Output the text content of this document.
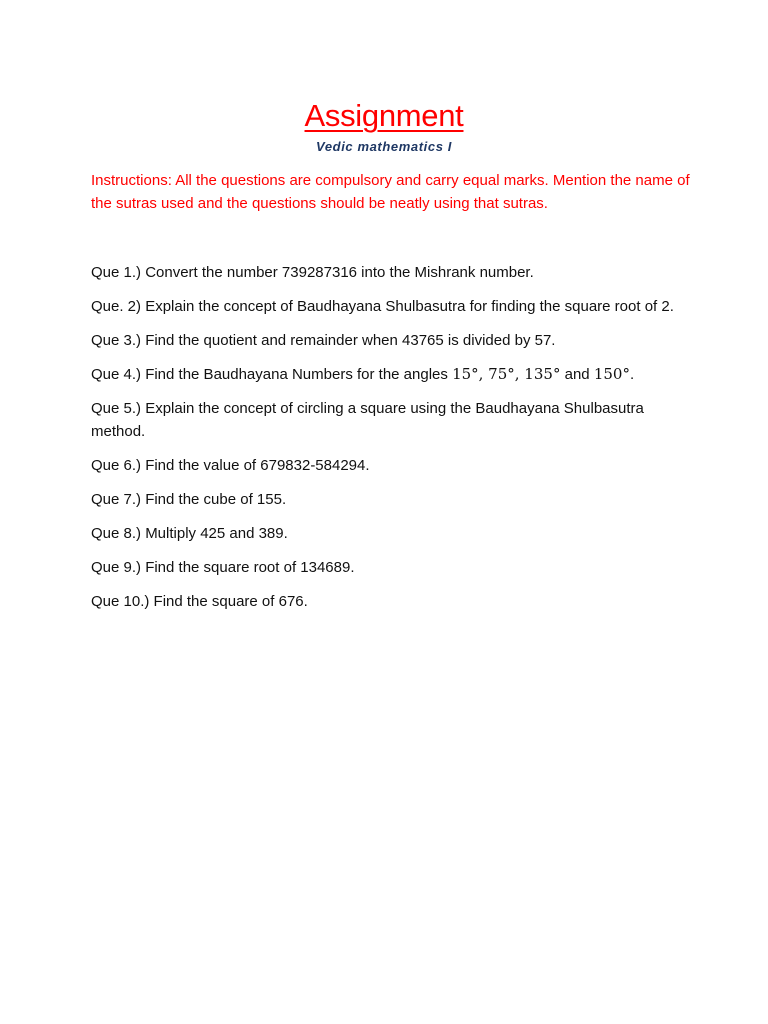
Assignment
Vedic mathematics I
Instructions: All the questions are compulsory and carry equal marks. Mention the name of the sutras used and the questions should be neatly using that sutras.
Que 1.) Convert the number 739287316 into the Mishrank number.
Que. 2) Explain the concept of Baudhayana Shulbasutra for finding the square root of 2.
Que 3.) Find the quotient and remainder when 43765 is divided by 57.
Que 4.) Find the Baudhayana Numbers for the angles 15°, 75°, 135° and 150°.
Que 5.) Explain the concept of circling a square using the Baudhayana Shulbasutra method.
Que 6.) Find the value of 679832-584294.
Que 7.) Find the cube of 155.
Que 8.) Multiply 425 and 389.
Que 9.) Find the square root of 134689.
Que 10.) Find the square of 676.
